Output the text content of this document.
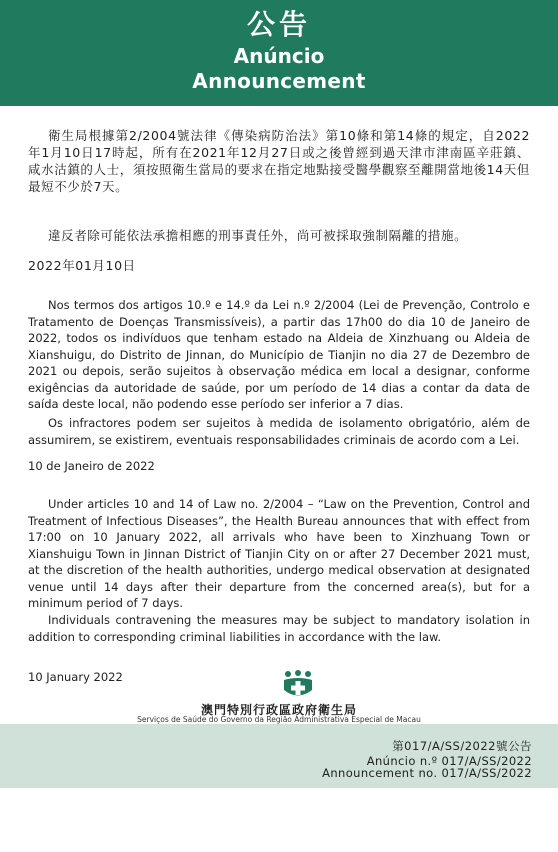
公告
Anúncio
Announcement
衛生局根據第2/2004號法律《傳染病防治法》第10條和第14條的規定，自2022年1月10日17時起，所有在2021年12月27日或之後曾經到過天津市津南區辛莊鎮、咸水沽鎮的人士，須按照衛生當局的要求在指定地點接受醫學觀察至離開當地後14天但最短不少於7天。
違反者除可能依法承擔相應的刑事責任外，尚可被採取強制隔離的措施。
2022年01月10日
Nos termos dos artigos 10.º e 14.º da Lei n.º 2/2004 (Lei de Prevenção, Controlo e Tratamento de Doenças Transmissíveis), a partir das 17h00 do dia 10 de Janeiro de 2022, todos os indivíduos que tenham estado na Aldeia de Xinzhuang ou Aldeia de Xianshuigu, do Distrito de Jinnan, do Município de Tianjin no dia 27 de Dezembro de 2021 ou depois, serão sujeitos à observação médica em local a designar, conforme exigências da autoridade de saúde, por um período de 14 dias a contar da data de saída deste local, não podendo esse período ser inferior a 7 dias.
Os infractores podem ser sujeitos à medida de isolamento obrigatório, além de assumirem, se existirem, eventuais responsabilidades criminais de acordo com a Lei.
10 de Janeiro de 2022
Under articles 10 and 14 of Law no. 2/2004 – “Law on the Prevention, Control and Treatment of Infectious Diseases”, the Health Bureau announces that with effect from 17:00 on 10 January 2022, all arrivals who have been to Xinzhuang Town or Xianshuigu Town in Jinnan District of Tianjin City on or after 27 December 2021 must, at the discretion of the health authorities, undergo medical observation at designated venue until 14 days after their departure from the concerned area(s), but for a minimum period of 7 days.
Individuals contravening the measures may be subject to mandatory isolation in addition to corresponding criminal liabilities in accordance with the law.
10 January 2022
澳門特別行政區政府衛生局
Serviços de Saúde do Governo da Região Administrativa Especial de Macau
第017/A/SS/2022號公告
Anúncio n.º 017/A/SS/2022
Announcement no. 017/A/SS/2022
